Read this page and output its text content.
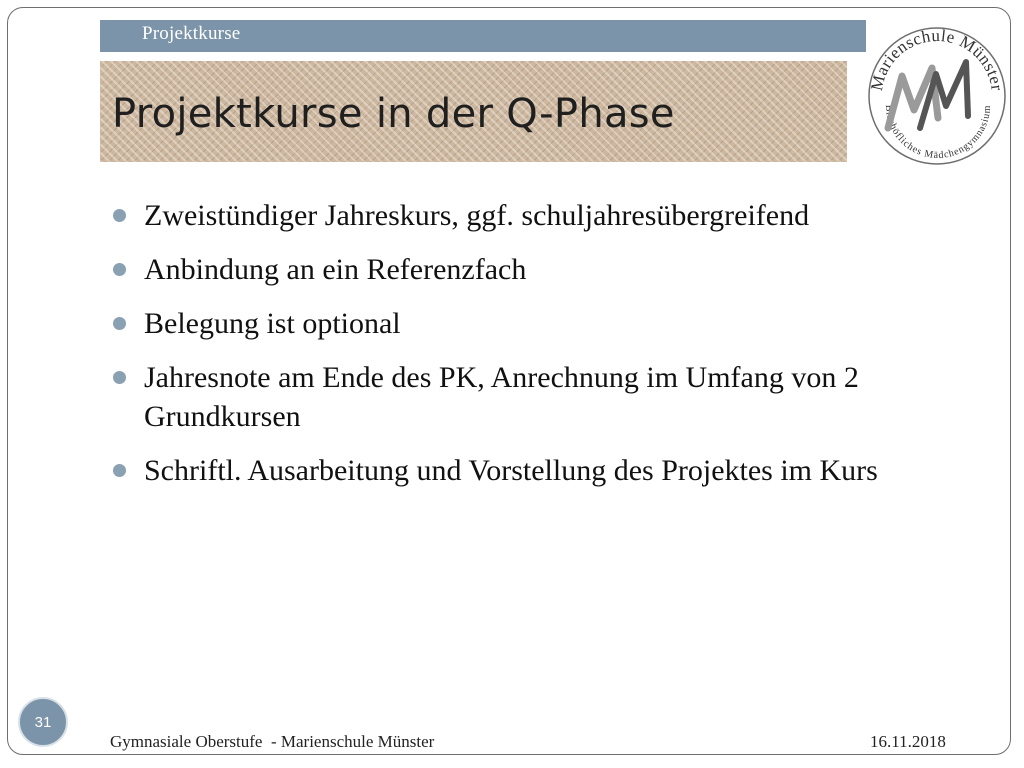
Projektkurse
Projektkurse in der Q-Phase
Marienschule Münster
Bischöfliches Mädchengymnasium
Zweistündiger Jahreskurs, ggf. schuljahresübergreifend
Anbindung an ein Referenzfach
Belegung ist optional
Jahresnote am Ende des PK, Anrechnung im Umfang von 2 Grundkursen
Schriftl. Ausarbeitung und Vorstellung des Projektes im Kurs
31
Gymnasiale Oberstufe  - Marienschule Münster	16.11.2018
